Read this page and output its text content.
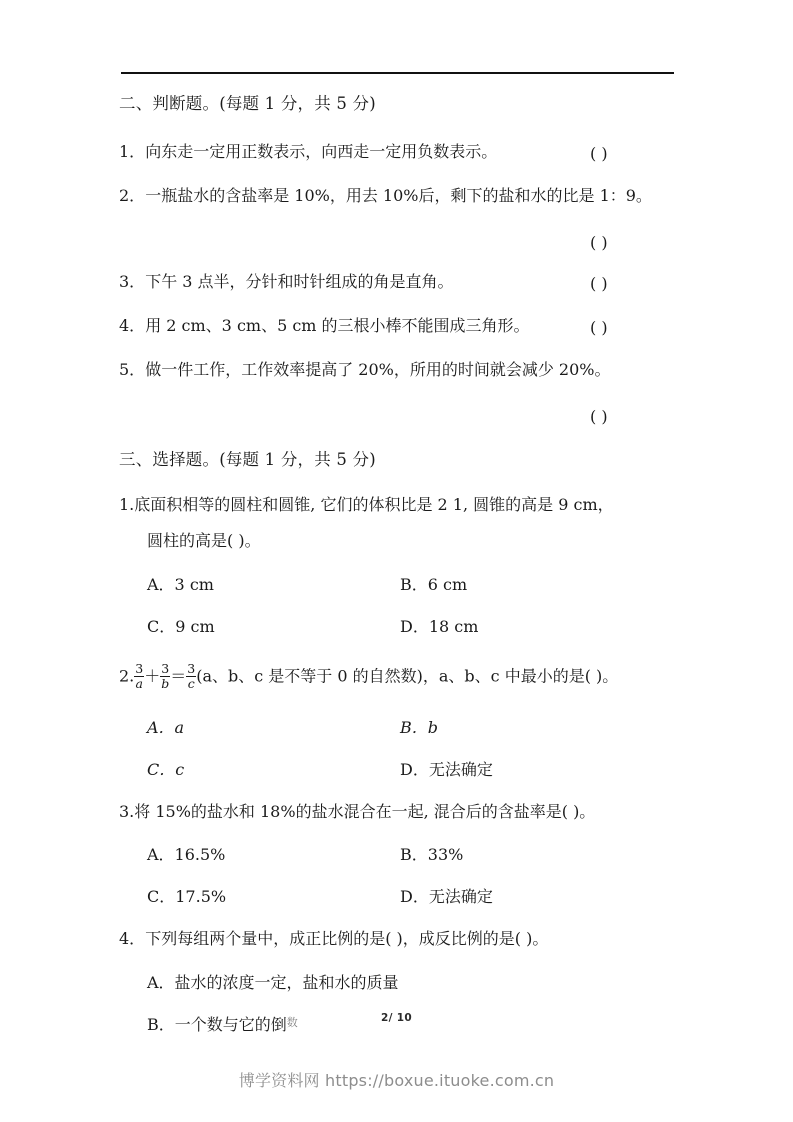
二、判断题。(每题 1 分，共 5 分)
1．向东走一定用正数表示，向西走一定用负数表示。	( )
2．一瓶盐水的含盐率是 10%，用去 10%后，剩下的盐和水的比是 1：9。
( )
3．下午 3 点半，分针和时针组成的角是直角。	( )
4．用 2 cm、3 cm、5 cm 的三根小棒不能围成三角形。	( )
5．做一件工作，工作效率提高了 20%，所用的时间就会减少 20%。
( )
三、选择题。(每题 1 分，共 5 分)
1.底面积相等的圆柱和圆锥, 它们的体积比是 2 1, 圆锥的高是 9 cm，
圆柱的高是( )。
A．3 cm	B．6 cm
C．9 cm	D．18 cm
2. $\frac{3}{a} + \frac{3}{b} = \frac{3}{c} (a$、b、c 是不等于 0 的自然数)，a、b、c 中最小的是( )。
A．a	B．b
C．c	D．无法确定
3.将 15%的盐水和 18%的盐水混合在一起, 混合后的含盐率是( )。
A．16.5%	B．33%
C．17.5%	D．无法确定
4．下列每组两个量中，成正比例的是( )，成反比例的是( )。
A．盐水的浓度一定，盐和水的质量
B．一个数与它的倒$^数$	2/ 10
博学资料网 https://boxue.ituoke.com.cn
